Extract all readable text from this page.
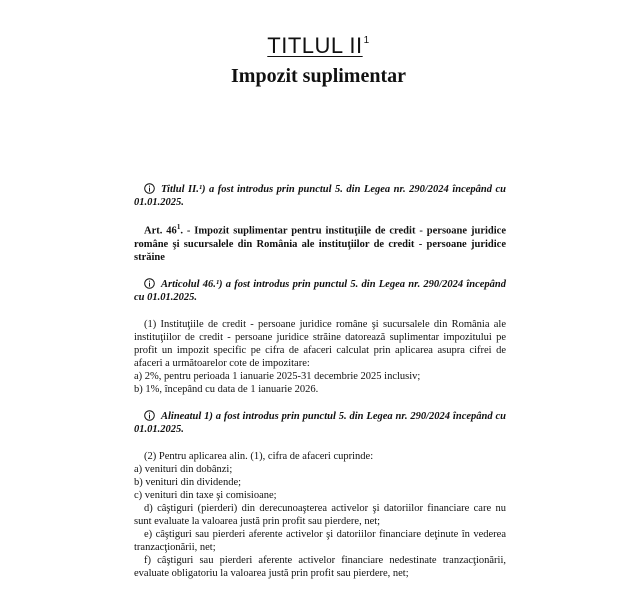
TITLUL $II^1$
Impozit suplimentar

Titlul II.¹) a fost introdus prin punctul 5. din Legea nr. 290/2024 începând cu 01.01.2025.

Art. $46^1$. - Impozit suplimentar pentru instituţiile de credit - persoane juridice române şi sucursalele din România ale instituţiilor de credit - persoane juridice străine

Articolul 46.¹) a fost introdus prin punctul 5. din Legea nr. 290/2024 începând cu 01.01.2025.

(1) Instituţiile de credit - persoane juridice române şi sucursalele din România ale instituţiilor de credit - persoane juridice străine datorează suplimentar impozitului pe profit un impozit specific pe cifra de afaceri calculat prin aplicarea asupra cifrei de afaceri a următoarelor cote de impozitare:

a) 2%, pentru perioada 1 ianuarie 2025-31 decembrie 2025 inclusiv;

b) 1%, începând cu data de 1 ianuarie 2026.

Alineatul 1) a fost introdus prin punctul 5. din Legea nr. 290/2024 începând cu 01.01.2025.

(2) Pentru aplicarea alin. (1), cifra de afaceri cuprinde:

a) venituri din dobânzi;

b) venituri din dividende;

c) venituri din taxe şi comisioane;

d) câştiguri (pierderi) din derecunoaşterea activelor şi datoriilor financiare care nu sunt evaluate la valoarea justă prin profit sau pierdere, net;

e) câştiguri sau pierderi aferente activelor şi datoriilor financiare deţinute în vederea tranzacţionării, net;

f) câştiguri sau pierderi aferente activelor financiare nedestinate tranzacţionării, evaluate obligatoriu la valoarea justă prin profit sau pierdere, net;
